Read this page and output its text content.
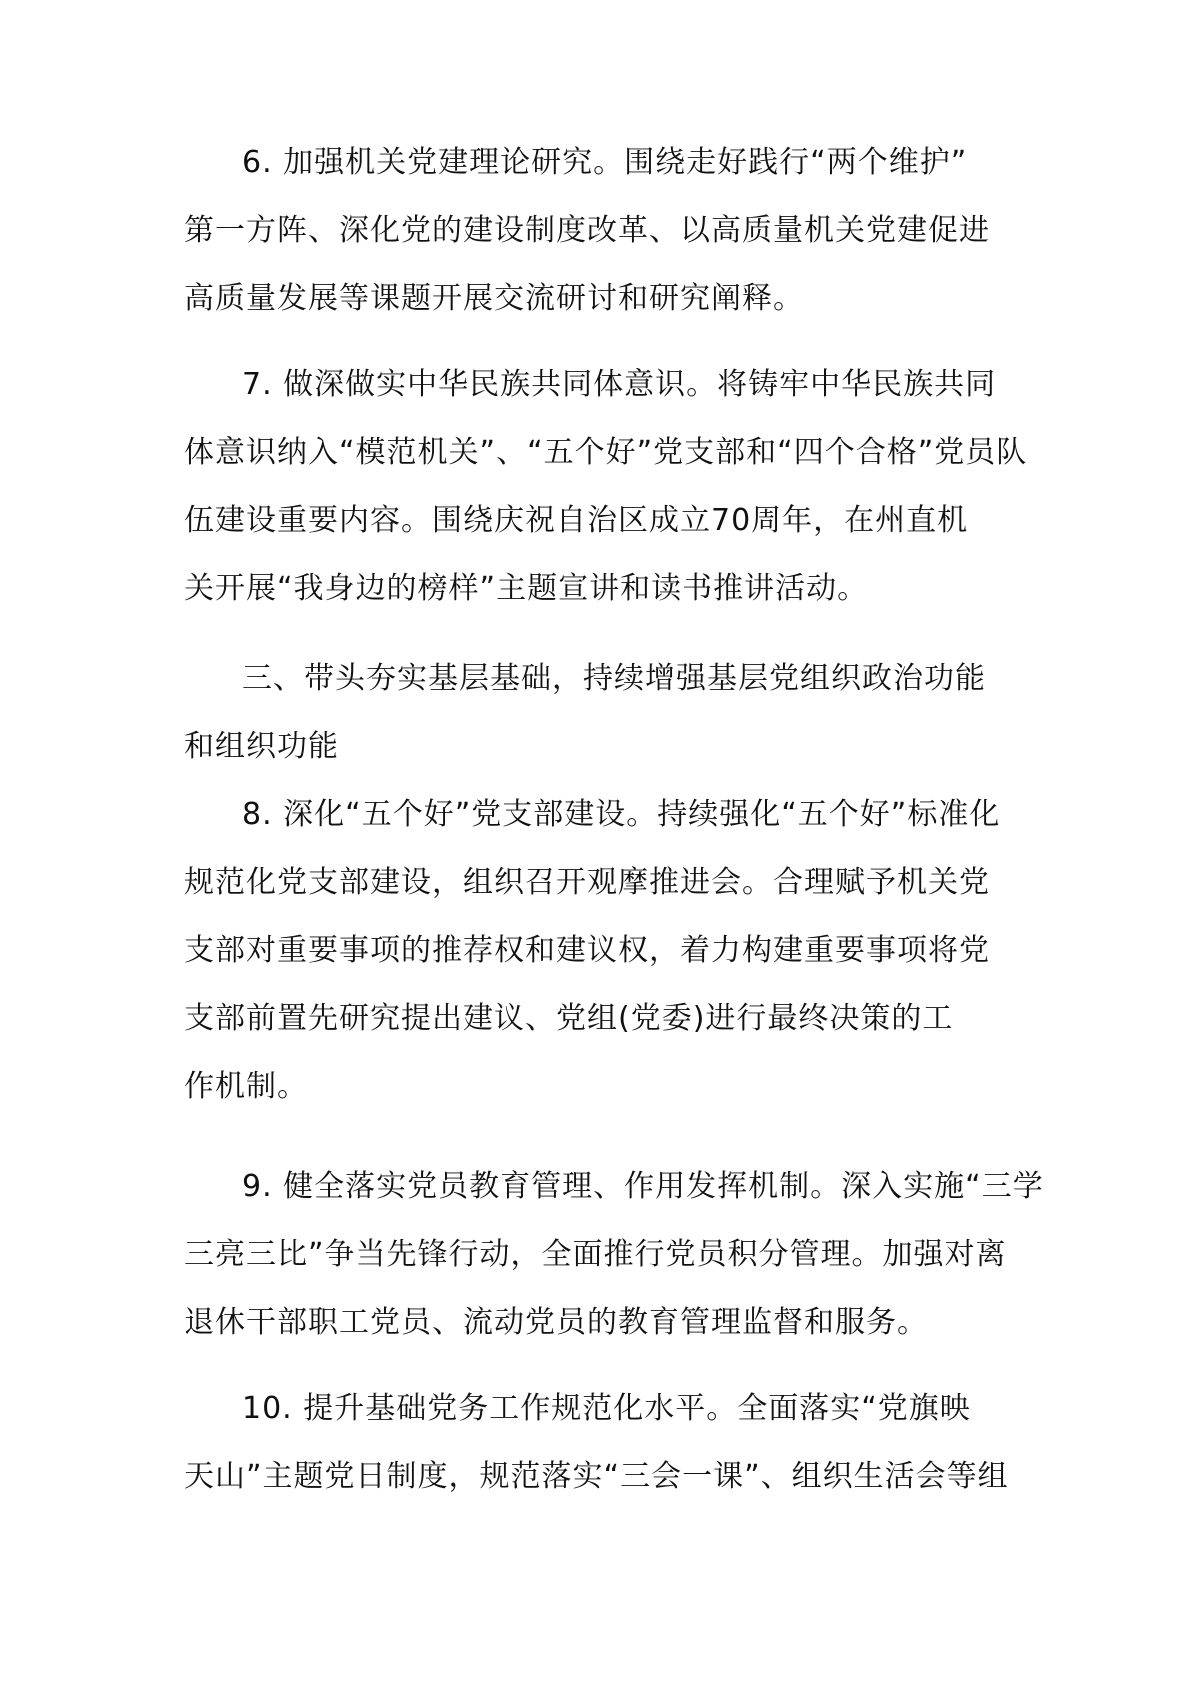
6. 加强机关党建理论研究。围绕走好践行“两个维护”

第一方阵、深化党的建设制度改革、以高质量机关党建促进

高质量发展等课题开展交流研讨和研究阐释。

7. 做深做实中华民族共同体意识。将铸牢中华民族共同

体意识纳入“模范机关”、“五个好”党支部和“四个合格”党员队

伍建设重要内容。围绕庆祝自治区成立70周年，在州直机

关开展“我身边的榜样”主题宣讲和读书推讲活动。

三、带头夯实基层基础，持续增强基层党组织政治功能

和组织功能

8. 深化“五个好”党支部建设。持续强化“五个好”标准化

规范化党支部建设，组织召开观摩推进会。合理赋予机关党

支部对重要事项的推荐权和建议权，着力构建重要事项将党

支部前置先研究提出建议、党组(党委)进行最终决策的工

作机制。

9. 健全落实党员教育管理、作用发挥机制。深入实施“三学

三亮三比”争当先锋行动，全面推行党员积分管理。加强对离

退休干部职工党员、流动党员的教育管理监督和服务。

10. 提升基础党务工作规范化水平。全面落实“党旗映

天山”主题党日制度，规范落实“三会一课”、组织生活会等组
